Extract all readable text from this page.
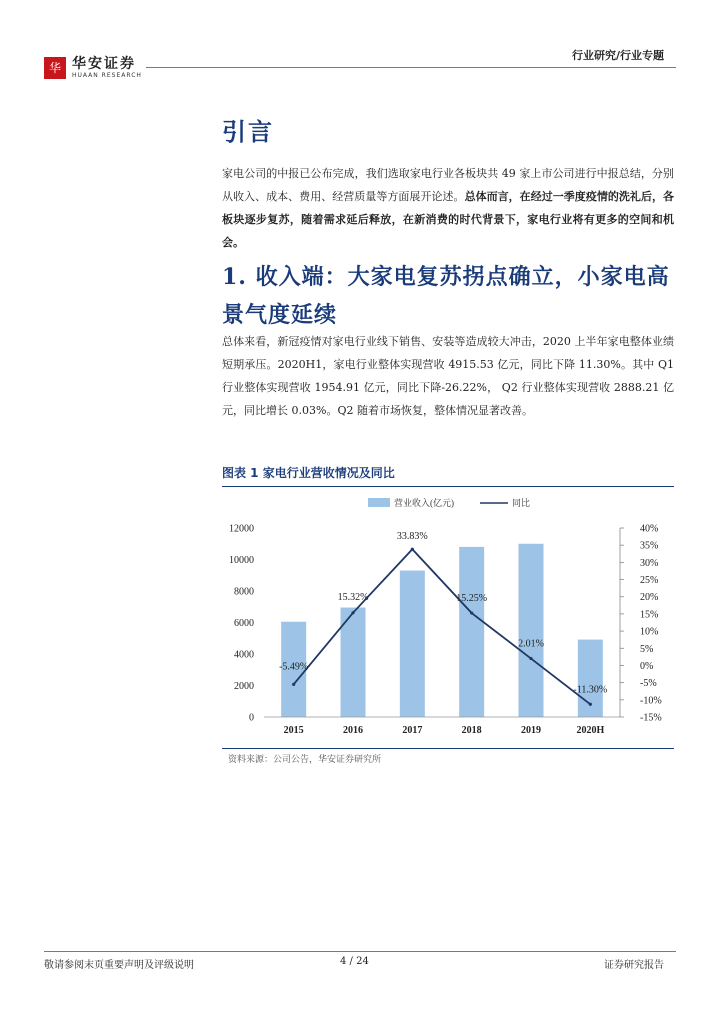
华 华安证券
HUAAN RESEARCH
行业研究/行业专题
引言

家电公司的中报已公布完成，我们选取家电行业各板块共 49 家上市公司进行中报总结，分别从收入、成本、费用、经营质量等方面展开论述。总体而言，在经过一季度疫情的洗礼后，各板块逐步复苏，随着需求延后释放，在新消费的时代背景下，家电行业将有更多的空间和机会。

1. 收入端：大家电复苏拐点确立，小家电高景气度延续

总体来看，新冠疫情对家电行业线下销售、安装等造成较大冲击，2020 上半年家电整体业绩短期承压。2020H1，家电行业整体实现营收 4915.53 亿元，同比下降 11.30%。其中 Q1 行业整体实现营收 1954.91 亿元，同比下降-26.22%， Q2 行业整体实现营收 2888.21 亿元，同比增长 0.03%。Q2 随着市场恢复，整体情况显著改善。

图表 1 家电行业营收情况及同比
营业收入(亿元)	同比
0
2000
4000
6000
8000
10000
12000
-15%
-10%
-5%
0%
5%
10%
15%
20%
25%
30%
35%
40%
2015	2016	2017	2018	2019	2020H
-5.49%
15.32%
33.83%
15.25%
2.01%
-11.30%
资料来源：公司公告，华安证券研究所
敬请参阅末页重要声明及评级说明	4 / 24	证券研究报告
